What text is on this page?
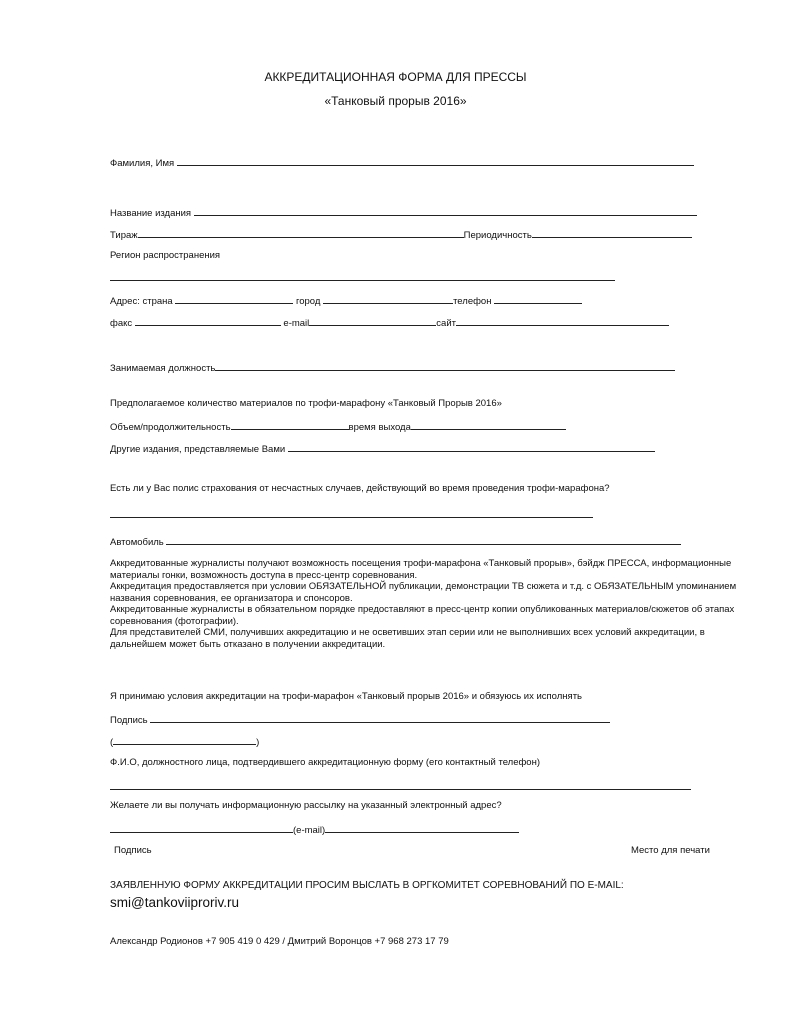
АККРЕДИТАЦИОННАЯ ФОРМА ДЛЯ ПРЕССЫ
«Танковый прорыв 2016»
Фамилия, Имя
Название издания
Тираж	Периодичность
Регион распространения
Адрес: страна	город	телефон
факс	e-mail	сайт
Занимаемая должность
Предполагаемое количество материалов по трофи-марафону «Танковый Прорыв 2016»
Объем/продолжительность	время выхода
Другие издания, представляемые Вами
Есть ли у Вас полис страхования от несчастных случаев, действующий во время проведения трофи-марафона?
Автомобиль
Аккредитованные журналисты получают возможность посещения трофи-марафона «Танковый прорыв», бэйдж ПРЕССА, информационные материалы гонки, возможность доступа в пресс-центр соревнования.
Аккредитация предоставляется при условии ОБЯЗАТЕЛЬНОЙ публикации, демонстрации ТВ сюжета и т.д. с ОБЯЗАТЕЛЬНЫМ упоминанием названия соревнования, ее организатора и спонсоров.
Аккредитованные журналисты в обязательном порядке предоставляют в пресс-центр копии опубликованных материалов/сюжетов об этапах соревнования (фотографии).
Для представителей СМИ, получивших аккредитацию и не осветивших этап серии или не выполнивших всех условий аккредитации, в дальнейшем может быть отказано в получении аккредитации.
Я принимаю условия аккредитации на трофи-марафон «Танковый прорыв 2016» и обязуюсь их исполнять
Подпись
(	)
Ф.И.О, должностного лица, подтвердившего аккредитационную форму (его контактный телефон)
Желаете ли вы получать информационную рассылку на указанный электронный адрес?
(e-mail)
Подпись	Место для печати
ЗАЯВЛЕННУЮ ФОРМУ АККРЕДИТАЦИИ ПРОСИМ ВЫСЛАТЬ В ОРГКОМИТЕТ СОРЕВНОВАНИЙ ПО E-MAIL:
smi@tankoviiproriv.ru
Александр Родионов +7 905 419 0 429 / Дмитрий Воронцов +7 968 273 17 79
